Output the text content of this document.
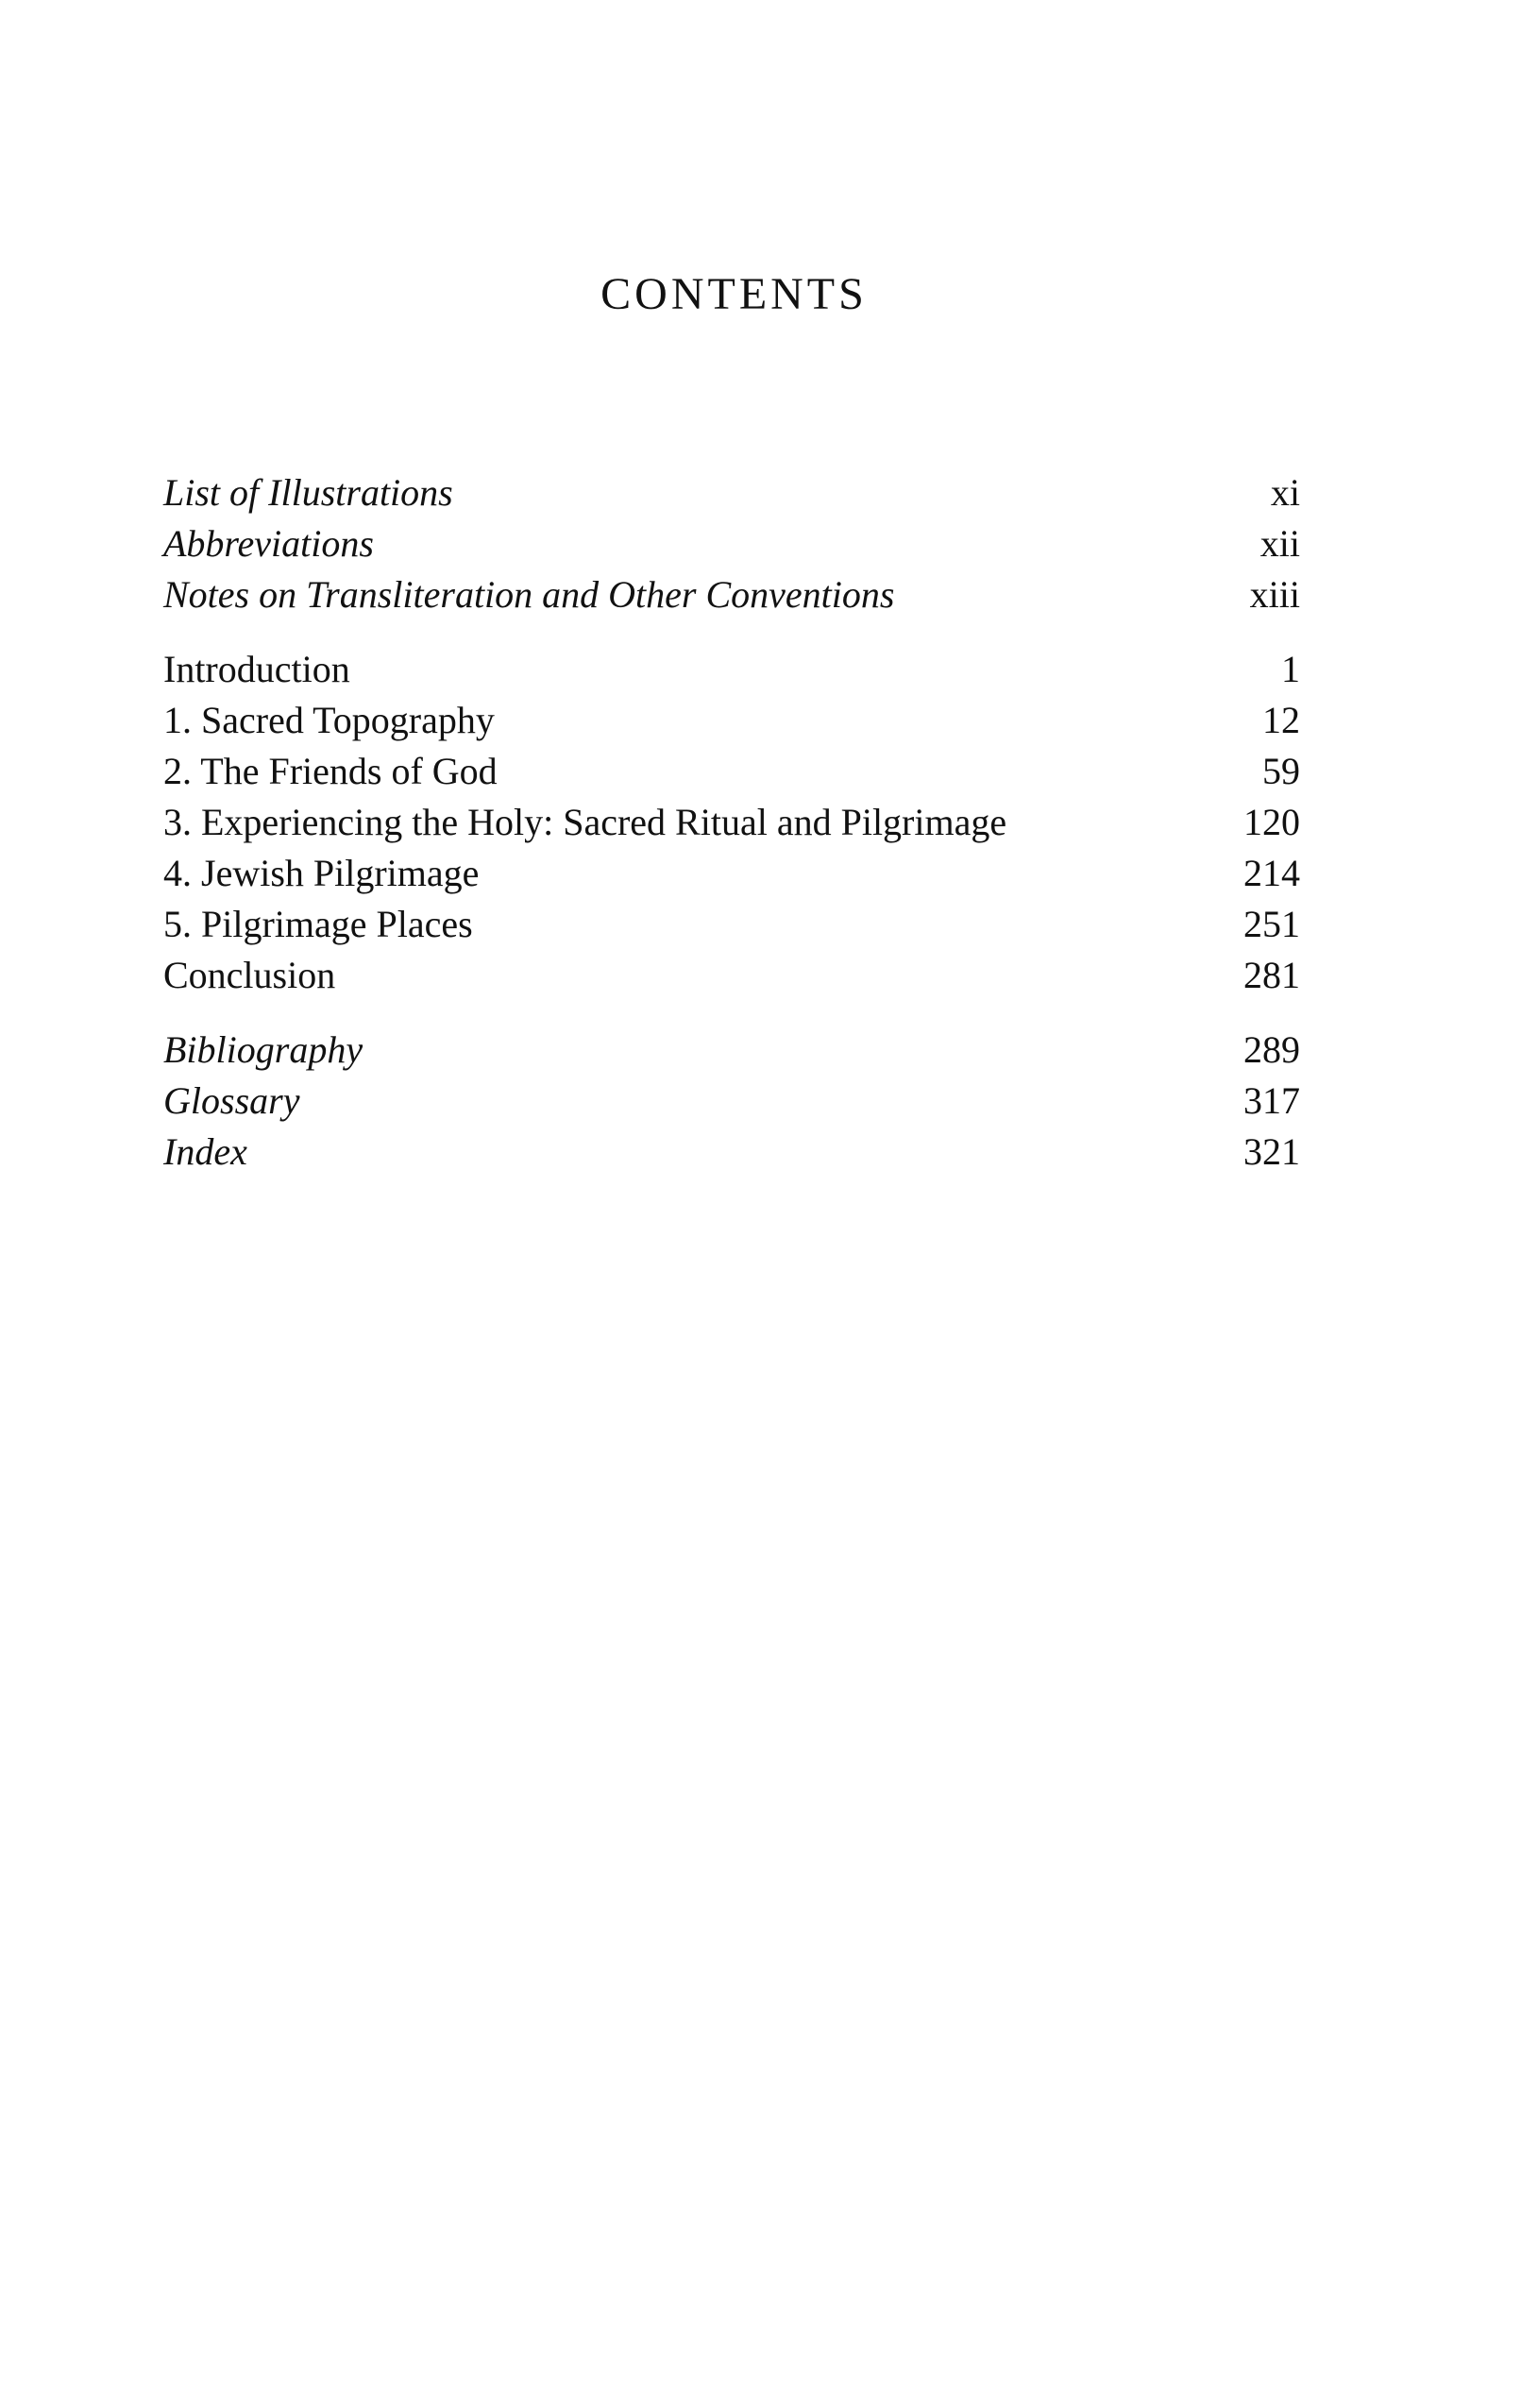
CONTENTS
List of Illustrations	xi
Abbreviations	xii
Notes on Transliteration and Other Conventions	xiii
Introduction	1
1. Sacred Topography	12
2. The Friends of God	59
3. Experiencing the Holy: Sacred Ritual and Pilgrimage	120
4. Jewish Pilgrimage	214
5. Pilgrimage Places	251
Conclusion	281
Bibliography	289
Glossary	317
Index	321
